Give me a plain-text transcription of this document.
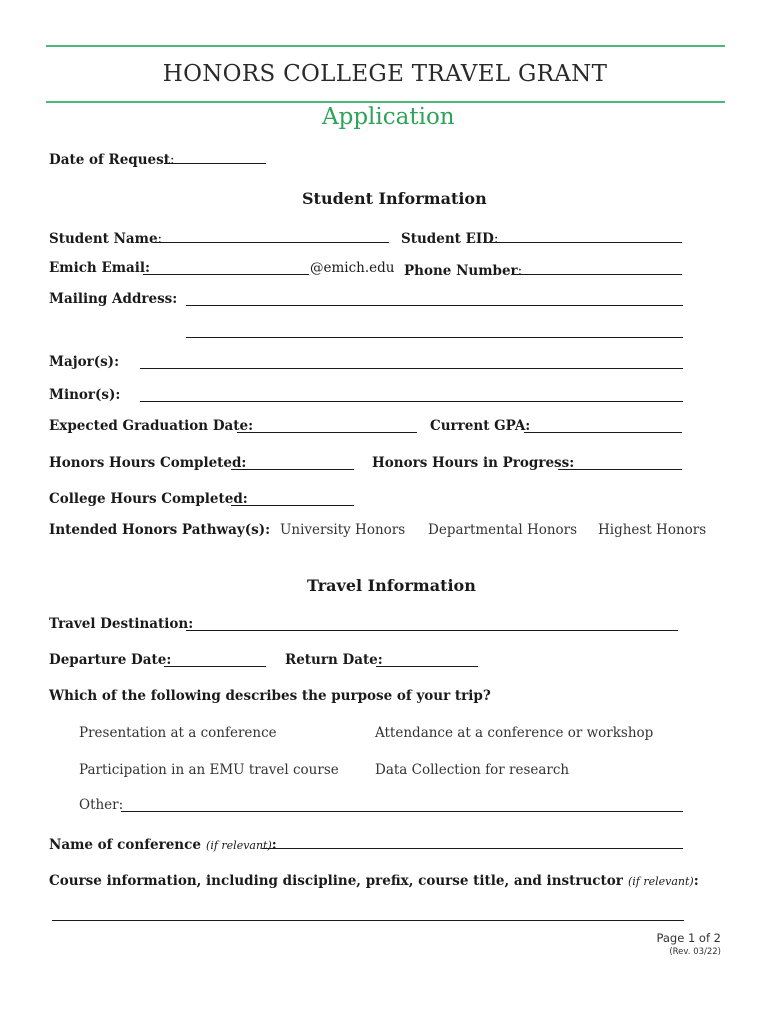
HONORS COLLEGE TRAVEL GRANT
Application
Date of Request:
Student Information
Student Name:	Student EID:
Emich Email:	@emich.edu Phone Number:
Mailing Address:
Major(s):
Minor(s):
Expected Graduation Date:	Current GPA:
Honors Hours Completed:	Honors Hours in Progress:
College Hours Completed:
Intended Honors Pathway(s): University Honors Departmental Honors Highest Honors
Travel Information
Travel Destination:
Departure Date:	Return Date:
Which of the following describes the purpose of your trip?
Presentation at a conference	Attendance at a conference or workshop
Participation in an EMU travel course	Data Collection for research
Other:
Name of conference (if relevant):
Course information, including discipline, prefix, course title, and instructor (if relevant):
Page 1 of 2
(Rev. 03/22)
